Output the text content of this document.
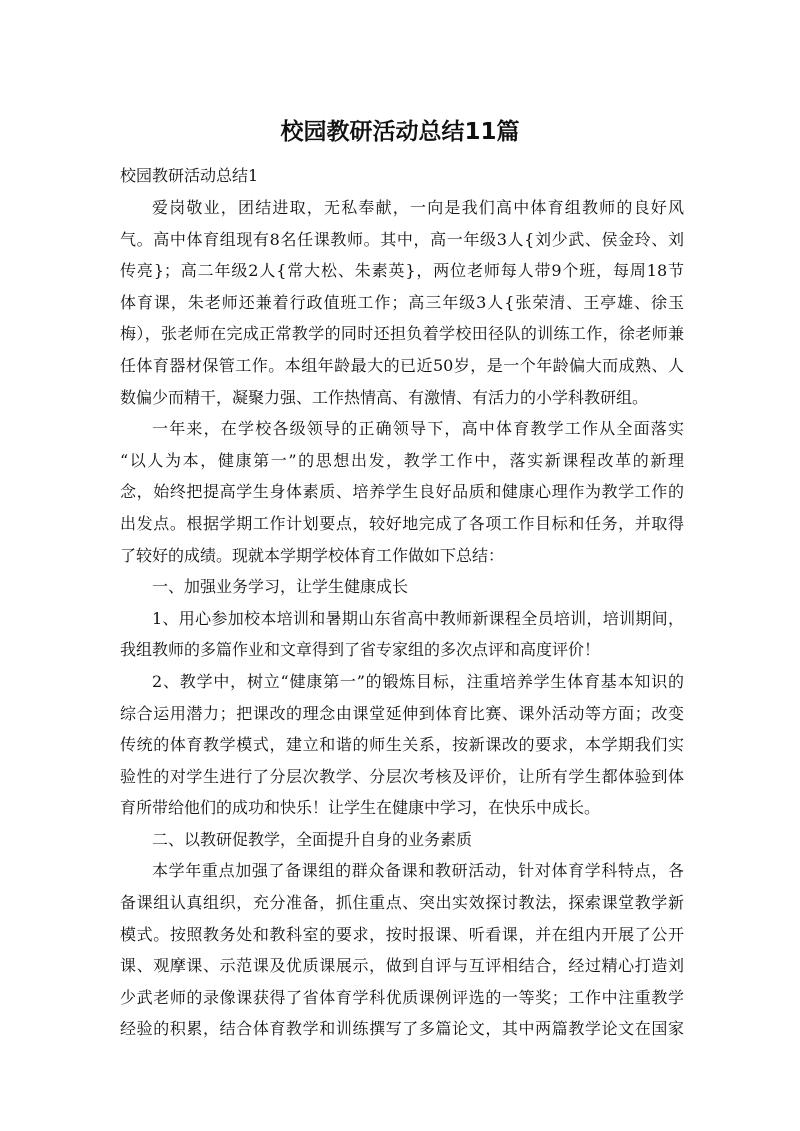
校园教研活动总结11篇

校园教研活动总结1

爱岗敬业，团结进取，无私奉献，一向是我们高中体育组教师的良好风
气。高中体育组现有8名任课教师。其中，高一年级3人{刘少武、侯金玲、刘
传亮}；高二年级2人{常大松、朱素英}，两位老师每人带9个班，每周18节
体育课，朱老师还兼着行政值班工作；高三年级3人{张荣清、王亭雄、徐玉
梅），张老师在完成正常教学的同时还担负着学校田径队的训练工作，徐老师兼
任体育器材保管工作。本组年龄最大的已近50岁，是一个年龄偏大而成熟、人
数偏少而精干，凝聚力强、工作热情高、有激情、有活力的小学科教研组。

一年来，在学校各级领导的正确领导下，高中体育教学工作从全面落实
“以人为本，健康第一”的思想出发，教学工作中，落实新课程改革的新理
念，始终把提高学生身体素质、培养学生良好品质和健康心理作为教学工作的
出发点。根据学期工作计划要点，较好地完成了各项工作目标和任务，并取得
了较好的成绩。现就本学期学校体育工作做如下总结：

一、加强业务学习，让学生健康成长

1、用心参加校本培训和暑期山东省高中教师新课程全员培训，培训期间，
我组教师的多篇作业和文章得到了省专家组的多次点评和高度评价！

2、教学中，树立“健康第一”的锻炼目标，注重培养学生体育基本知识的
综合运用潜力；把课改的理念由课堂延伸到体育比赛、课外活动等方面；改变
传统的体育教学模式，建立和谐的师生关系，按新课改的要求，本学期我们实
验性的对学生进行了分层次教学、分层次考核及评价，让所有学生都体验到体
育所带给他们的成功和快乐！让学生在健康中学习，在快乐中成长。

二、以教研促教学，全面提升自身的业务素质

本学年重点加强了备课组的群众备课和教研活动，针对体育学科特点，各
备课组认真组织，充分准备，抓住重点、突出实效探讨教法，探索课堂教学新
模式。按照教务处和教科室的要求，按时报课、听看课，并在组内开展了公开
课、观摩课、示范课及优质课展示，做到自评与互评相结合，经过精心打造刘
少武老师的录像课获得了省体育学科优质课例评选的一等奖；工作中注重教学
经验的积累，结合体育教学和训练撰写了多篇论文，其中两篇教学论文在国家
